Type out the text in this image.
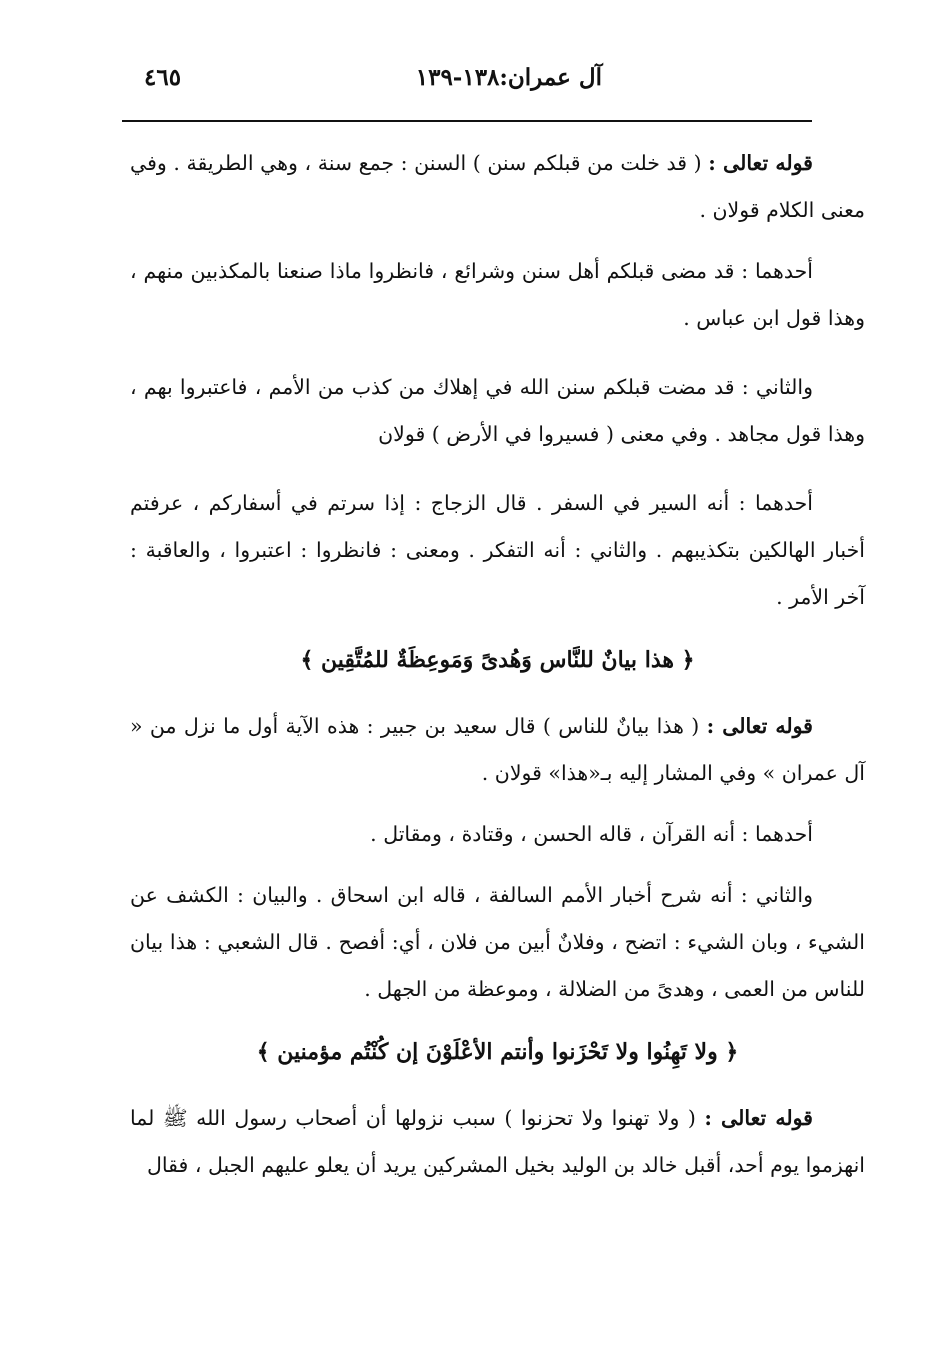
آل عمران:١٣٨-١٣٩
٤٦٥

قوله تعالى : ( قد خلت من قبلكم سنن ) السنن : جمع سنة ، وهي الطريقة . وفي معنى الكلام قولان .

أحدهما : قد مضى قبلكم أهل سنن وشرائع ، فانظروا ماذا صنعنا بالمكذبين منهم ، وهذا قول ابن عباس .

والثاني : قد مضت قبلكم سنن الله في إهلاك من كذب من الأمم ، فاعتبروا بهم ، وهذا قول مجاهد . وفي معنى ( فسيروا في الأرض ) قولان

أحدهما : أنه السير في السفر . قال الزجاج : إذا سرتم في أسفاركم ، عرفتم أخبار الهالكين بتكذيبهم . والثاني : أنه التفكر . ومعنى : فانظروا : اعتبروا ، والعاقبة : آخر الأمر .

﴿ هذا بيانٌ للنَّاس وَهُدىً وَمَوعِظَةٌ للمُتَّقِين ﴾

قوله تعالى : ( هذا بيانٌ للناس ) قال سعيد بن جبير : هذه الآية أول ما نزل من « آل عمران » وفي المشار إليه بـ«هذا» قولان .

أحدهما : أنه القرآن ، قاله الحسن ، وقتادة ، ومقاتل .

والثاني : أنه شرح أخبار الأمم السالفة ، قاله ابن اسحاق . والبيان : الكشف عن الشيء ، وبان الشيء : اتضح ، وفلانٌ أبين من فلان ، أي: أفصح . قال الشعبي : هذا بيان للناس من العمى ، وهدىً من الضلالة ، وموعظة من الجهل .

﴿ ولا تَهِنُوا ولا تَحْزَنوا وأنتم الأعْلَوْنَ إن كُنْتُم مؤمنين ﴾

قوله تعالى : ( ولا تهنوا ولا تحزنوا ) سبب نزولها أن أصحاب رسول الله ﷺ لما انهزموا يوم أحد، أقبل خالد بن الوليد بخيل المشركين يريد أن يعلو عليهم الجبل ، فقال
